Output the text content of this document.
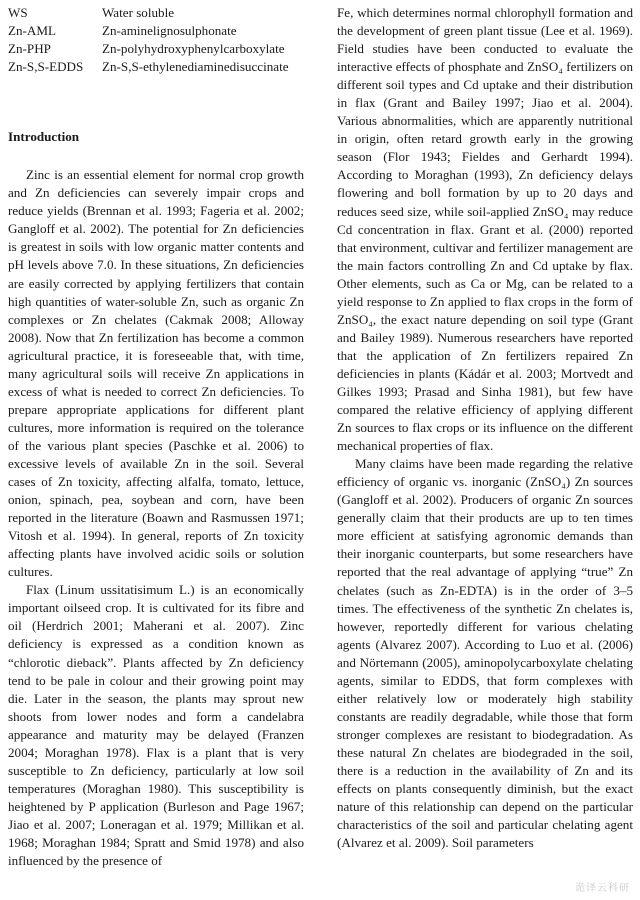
WS	Water soluble
Zn-AML	Zn-aminelignosulphonate
Zn-PHP	Zn-polyhydroxyphenylcarboxylate
Zn-S,S-EDDS	Zn-S,S-ethylenediaminedisuccinate
Introduction

Zinc is an essential element for normal crop growth and Zn deficiencies can severely impair crops and reduce yields (Brennan et al. 1993; Fageria et al. 2002; Gangloff et al. 2002). The potential for Zn deficiencies is greatest in soils with low organic matter contents and pH levels above 7.0. In these situations, Zn deficiencies are easily corrected by applying fertilizers that contain high quantities of water-soluble Zn, such as organic Zn complexes or Zn chelates (Cakmak 2008; Alloway 2008). Now that Zn fertilization has become a common agricultural practice, it is foreseeable that, with time, many agricultural soils will receive Zn applications in excess of what is needed to correct Zn deficiencies. To prepare appropriate applications for different plant cultures, more information is required on the tolerance of the various plant species (Paschke et al. 2006) to excessive levels of available Zn in the soil. Several cases of Zn toxicity, affecting alfalfa, tomato, lettuce, onion, spinach, pea, soybean and corn, have been reported in the literature (Boawn and Rasmussen 1971; Vitosh et al. 1994). In general, reports of Zn toxicity affecting plants have involved acidic soils or solution cultures.

Flax (Linum ussitatisimum L.) is an economically important oilseed crop. It is cultivated for its fibre and oil (Herdrich 2001; Maherani et al. 2007). Zinc deficiency is expressed as a condition known as “chlorotic dieback”. Plants affected by Zn deficiency tend to be pale in colour and their growing point may die. Later in the season, the plants may sprout new shoots from lower nodes and form a candelabra appearance and maturity may be delayed (Franzen 2004; Moraghan 1978). Flax is a plant that is very susceptible to Zn deficiency, particularly at low soil temperatures (Moraghan 1980). This susceptibility is heightened by P application (Burleson and Page 1967; Jiao et al. 2007; Loneragan et al. 1979; Millikan et al. 1968; Moraghan 1984; Spratt and Smid 1978) and also influenced by the presence of

Fe, which determines normal chlorophyll formation and the development of green plant tissue (Lee et al. 1969). Field studies have been conducted to evaluate the interactive effects of phosphate and ZnSO₄ fertilizers on different soil types and Cd uptake and their distribution in flax (Grant and Bailey 1997; Jiao et al. 2004). Various abnormalities, which are apparently nutritional in origin, often retard growth early in the growing season (Flor 1943; Fieldes and Gerhardt 1994). According to Moraghan (1993), Zn deficiency delays flowering and boll formation by up to 20 days and reduces seed size, while soil-applied ZnSO₄ may reduce Cd concentration in flax. Grant et al. (2000) reported that environment, cultivar and fertilizer management are the main factors controlling Zn and Cd uptake by flax. Other elements, such as Ca or Mg, can be related to a yield response to Zn applied to flax crops in the form of ZnSO₄, the exact nature depending on soil type (Grant and Bailey 1989). Numerous researchers have reported that the application of Zn fertilizers repaired Zn deficiencies in plants (Kádár et al. 2003; Mortvedt and Gilkes 1993; Prasad and Sinha 1981), but few have compared the relative efficiency of applying different Zn sources to flax crops or its influence on the different mechanical properties of flax.

Many claims have been made regarding the relative efficiency of organic vs. inorganic (ZnSO₄) Zn sources (Gangloff et al. 2002). Producers of organic Zn sources generally claim that their products are up to ten times more efficient at satisfying agronomic demands than their inorganic counterparts, but some researchers have reported that the real advantage of applying “true” Zn chelates (such as Zn-EDTA) is in the order of 3–5 times. The effectiveness of the synthetic Zn chelates is, however, reportedly different for various chelating agents (Alvarez 2007). According to Luo et al. (2006) and Nörtemann (2005), aminopolycarboxylate chelating agents, similar to EDDS, that form complexes with either relatively low or moderately high stability constants are readily degradable, while those that form stronger complexes are resistant to biodegradation. As these natural Zn chelates are biodegraded in the soil, there is a reduction in the availability of Zn and its effects on plants consequently diminish, but the exact nature of this relationship can depend on the particular characteristics of the soil and particular chelating agent (Alvarez et al. 2009). Soil parameters

诡译云科研
